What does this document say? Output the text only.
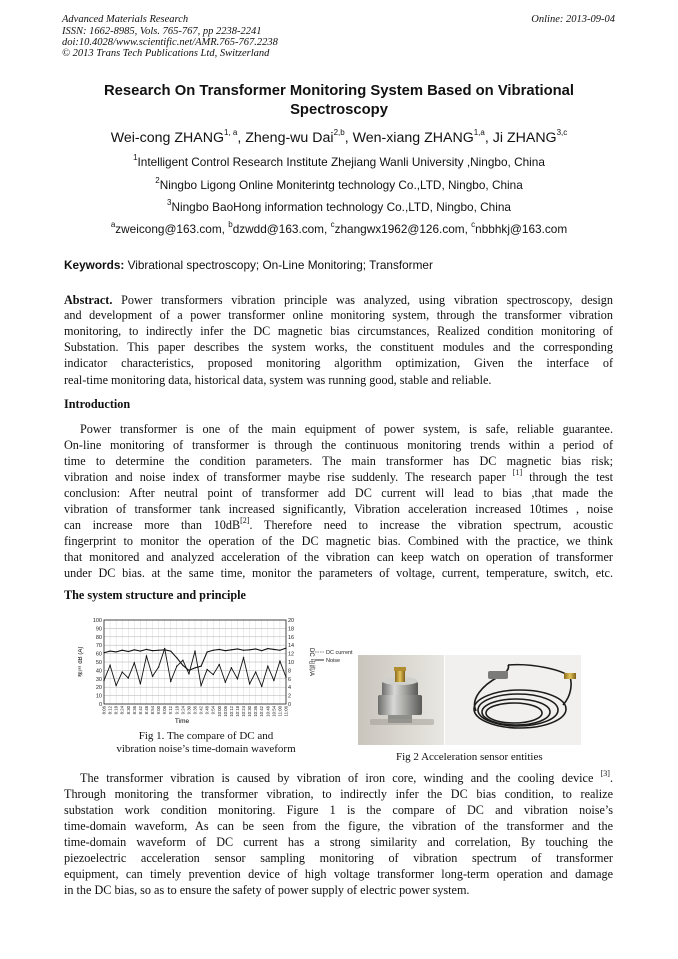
Advanced Materials Research	Online: 2013-09-04
ISSN: 1662-8985, Vols. 765-767, pp 2238-2241
doi:10.4028/www.scientific.net/AMR.765-767.2238
© 2013 Trans Tech Publications Ltd, Switzerland
Research On Transformer Monitoring System Based on Vibrational
Spectroscopy
Wei-cong ZHANG$^{1, a}$, Zheng-wu Dai$^{2,b}$, Wen-xiang ZHANG$^{1,a}$, Ji ZHANG$^{3,c}$
$^1$Intelligent Control Research Institute Zhejiang Wanli University ,Ningbo, China
$^2$Ningbo Ligong Online Moniterintg technology Co.,LTD, Ningbo, China
$^3$Ningbo BaoHong information technology Co.,LTD, Ningbo, China
$^a$zweicong@163.com, $^b$dzwdd@163.com, $^c$zhangwx1962@126.com, $^c$nbbhkj@163.com
Keywords: Vibrational spectroscopy; On-Line Monitoring; Transformer
Abstract. Power transformers vibration principle was analyzed, using vibration spectroscopy, design
and development of a power transformer online monitoring system, through the transformer vibration
monitoring, to indirectly infer the DC magnetic bias circumstances, Realized condition monitoring of
Substation. This paper describes the system works, the constituent modules and the corresponding
indicator characteristics, proposed monitoring algorithm optimization, Given the interface of
real-time monitoring data, historical data, system was running good, stable and reliable.
Introduction
Power transformer is one of the main equipment of power system, is safe, reliable guarantee.
On-line monitoring of transformer is through the continuous monitoring trends within a period of
time to determine the condition parameters. The main transformer has DC magnetic bias risk;
vibration and noise index of transformer maybe rise suddenly. The research paper [1] through the test
conclusion: After neutral point of transformer add DC current will lead to bias ,that made the
vibration of transformer tank increased significantly, Vibration acceleration increased 10times , noise
can increase more than 10dB[2]. Therefore need to increase the vibration spectrum, acoustic
fingerprint to monitor the operation of the DC magnetic bias. Combined with the practice, we think
that monitored and analyzed acceleration of the vibration can keep watch on operation of transformer
under DC bias. at the same time, monitor the parameters of voltage, current, temperature, switch, etc.
The system structure and principle
100
90
80
70
60
50
40
30
20
10
0
20
18
16
14
12
10
8
6
4
2
0
8:06 8:12 8:18 8:24 8:30 8:36 8:42 8:48 8:54 9:00 9:06 9:12 9:18 9:24 9:30 9:36 9:42 9:48 9:54 10:00 10:06 10:12 10:18 10:24 10:30 10:36 10:42 10:48 10:54 11:00 11:06
DC current
Noise
噪声 dB (A)	DC 电流/A
Time
Fig 1. The compare of DC and
vibration noise’s time-domain waveform
Fig 2 Acceleration sensor entities
The transformer vibration is caused by vibration of iron core, winding and the cooling device [3].
Through monitoring the transformer vibration, to indirectly infer the DC bias condition, to realize
substation work condition monitoring. Figure 1 is the compare of DC and vibration noise’s
time-domain waveform, As can be seen from the figure, the vibration of the transformer and the
time-domain waveform of DC current has a strong similarity and correlation, By touching the
piezoelectric acceleration sensor sampling monitoring of vibration spectrum of transformer
equipment, can timely prevention device of high voltage transformer long-term operation and damage
in the DC bias, so as to ensure the safety of power supply of electric power system.
